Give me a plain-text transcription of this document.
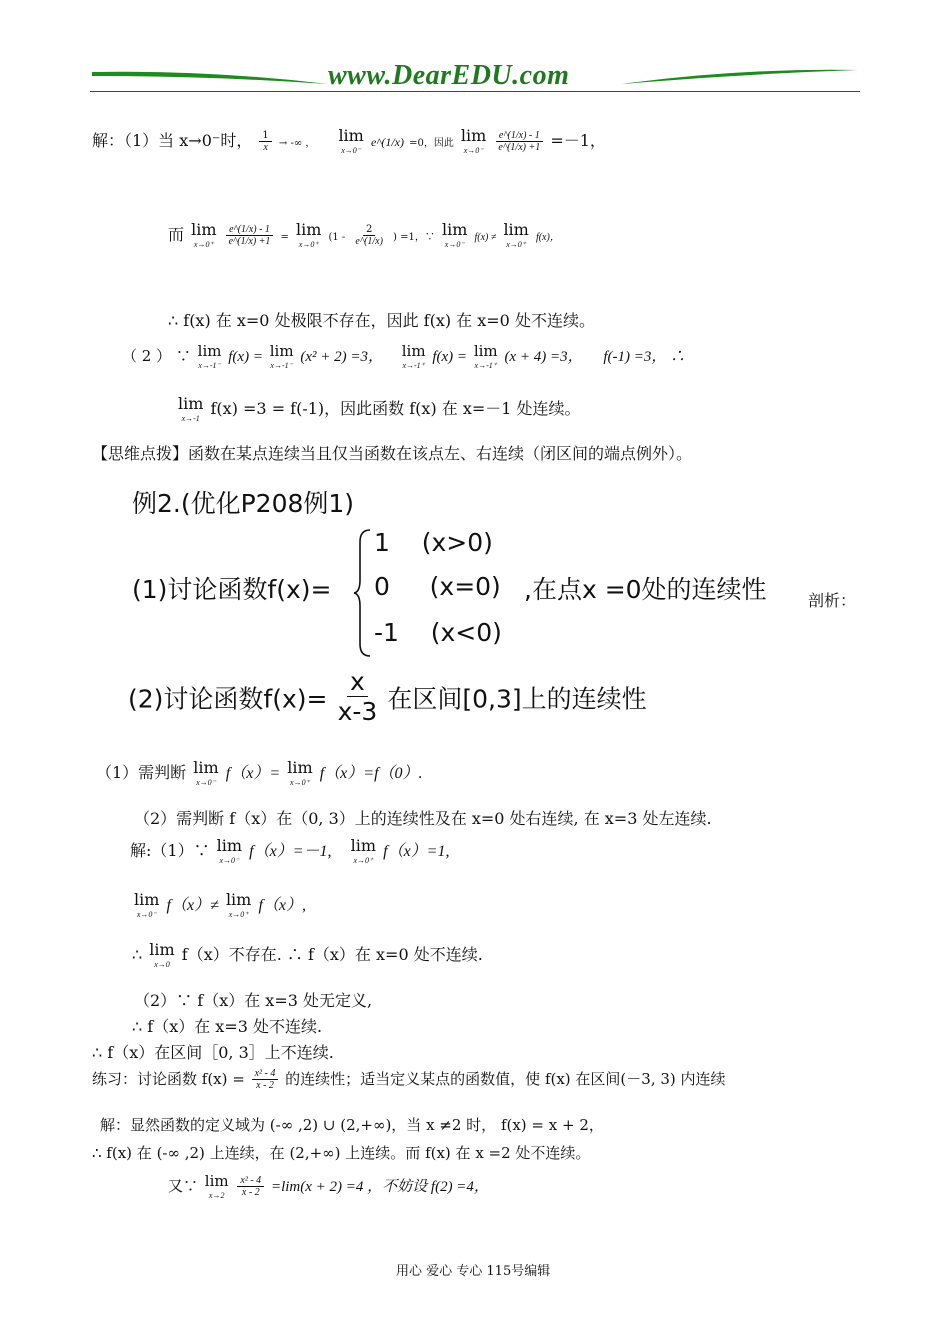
www.DearEDU.com
解：（1）当 x→0⁻时， $\frac{1}{x}$ → -∞ ， lim
x→0⁻
e^(1/x) =0，因此 lim
x→0⁻
$\frac{e\^{}(1/x) - 1}{e\^{}(1/x) +1} =-1$，
而 lim
x→0⁺
$\frac{e\^{}(1/x) - 1}{e\^{}(1/x) +1} = \lim$
x→0⁺
($1 - \frac{2}{e\^{}(1/x)}$ ) =1，∵ lim
x→0⁻
f(x) ≠ lim
x→0⁺
f(x)，
∴ f(x) 在 x=0 处极限不存在，因此 f(x) 在 x=0 处不连续。
（ 2 ） ∵ lim
x→-1⁻
f(x) = lim
x→-1⁻
(x² + 2) =3， lim
x→-1⁺
f(x) = lim
x→-1⁺
(x + 4) =3， f(-1) =3， ∴
lim
x→-1
f(x) =3 = f(-1)，因此函数 f(x) 在 x=－1 处连续。
【思维点拨】函数在某点连续当且仅当函数在该点左、右连续（闭区间的端点例外）。
例2.(优化P208例1)
(1)讨论函数f(x)=
1    (x>0)
0     (x=0)
-1    (x<0)
,在点x =0处的连续性	剖析：
(2)讨论函数$f(x)= \frac{x}{x-3}$ 在区间[0,3]上的连续性
（1）需判断 lim
x→0⁻
f（x）= lim
x→0⁺
f（x）=f（0）.
（2）需判断 f（x）在（0, 3）上的连续性及在 x=0 处右连续, 在 x=3 处左连续.
解:（1）∵ lim
x→0⁻
f（x）=－1, lim
x→0⁺
f（x）=1,
lim
x→0⁻
f（x）≠ lim
x→0⁺
f（x）,
∴ lim
x→0
f（x）不存在. ∴ f（x）在 x=0 处不连续.
（2）∵ f（x）在 x=3 处无定义,
∴ f（x）在 x=3 处不连续.
∴ f（x）在区间［0, 3］上不连续.
练习：讨论函数 $f(x) = \frac{\text{x² - 4}}{x - 2}$ 的连续性；适当定义某点的函数值，使 f(x) 在区间(－3, 3) 内连续
解：显然函数的定义域为 (-∞ ,2) ∪ (2,+∞)，当 x ≠2 时， f(x) = x + 2，
∴ f(x) 在 (-∞ ,2) 上连续，在 (2,+∞) 上连续。而 f(x) 在 x =2 处不连续。
又∵ lim
x→2
$\frac{\text{x² - 4}}{x - 2} =\lim(x + 2) =4$ ，不妨设 f(2) =4，
用心 爱心 专心 115号编辑
